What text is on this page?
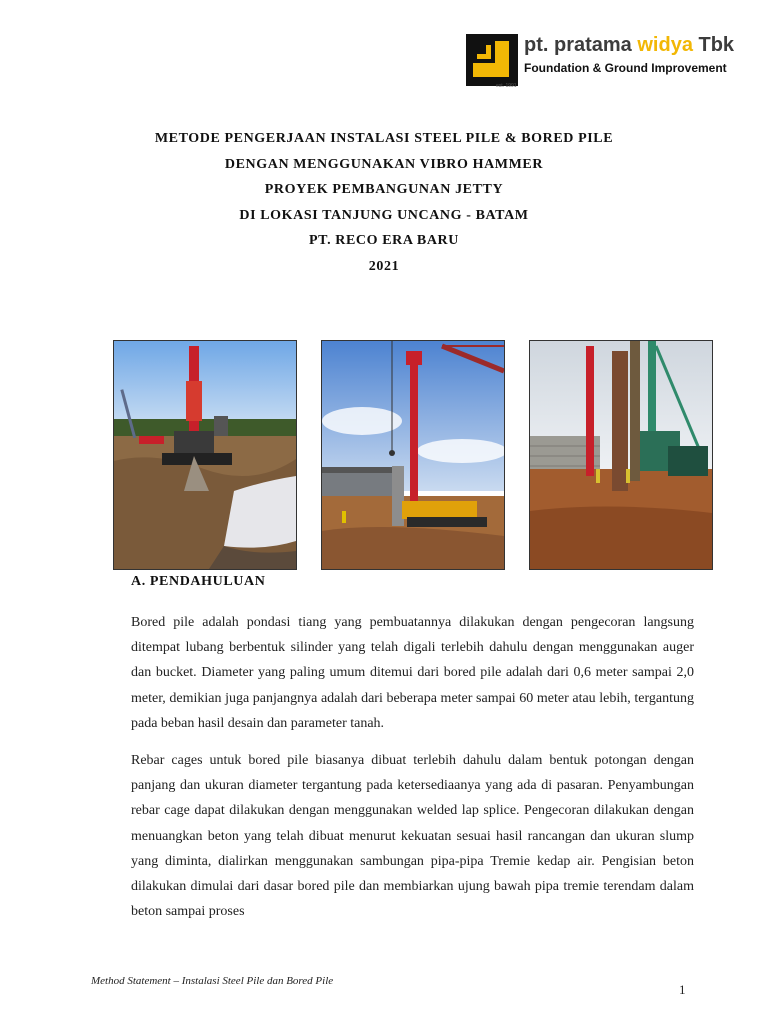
est. 1991
pt. pratama widya Tbk
Foundation & Ground Improvement
METODE PENGERJAAN INSTALASI STEEL PILE & BORED PILE
DENGAN MENGGUNAKAN VIBRO HAMMER
PROYEK PEMBANGUNAN JETTY
DI LOKASI TANJUNG UNCANG - BATAM
PT. RECO ERA BARU
2021
A. PENDAHULUAN
Bored pile adalah pondasi tiang yang pembuatannya dilakukan dengan pengecoran langsung ditempat lubang berbentuk silinder yang telah digali terlebih dahulu dengan menggunakan auger dan bucket. Diameter yang paling umum ditemui dari bored pile adalah dari 0,6 meter sampai 2,0 meter, demikian juga panjangnya adalah dari beberapa meter sampai 60 meter atau lebih, tergantung pada beban hasil desain dan parameter tanah.
Rebar cages untuk bored pile biasanya dibuat terlebih dahulu dalam bentuk potongan dengan panjang dan ukuran diameter tergantung pada ketersediaanya yang ada di pasaran. Penyambungan rebar cage dapat dilakukan dengan menggunakan welded lap splice. Pengecoran dilakukan dengan menuangkan beton yang telah dibuat menurut kekuatan sesuai hasil rancangan dan ukuran slump yang diminta, dialirkan menggunakan sambungan pipa-pipa Tremie kedap air. Pengisian beton dilakukan dimulai dari dasar bored pile dan membiarkan ujung bawah pipa tremie terendam dalam beton sampai proses
Method Statement – Instalasi Steel Pile dan Bored Pile
1
